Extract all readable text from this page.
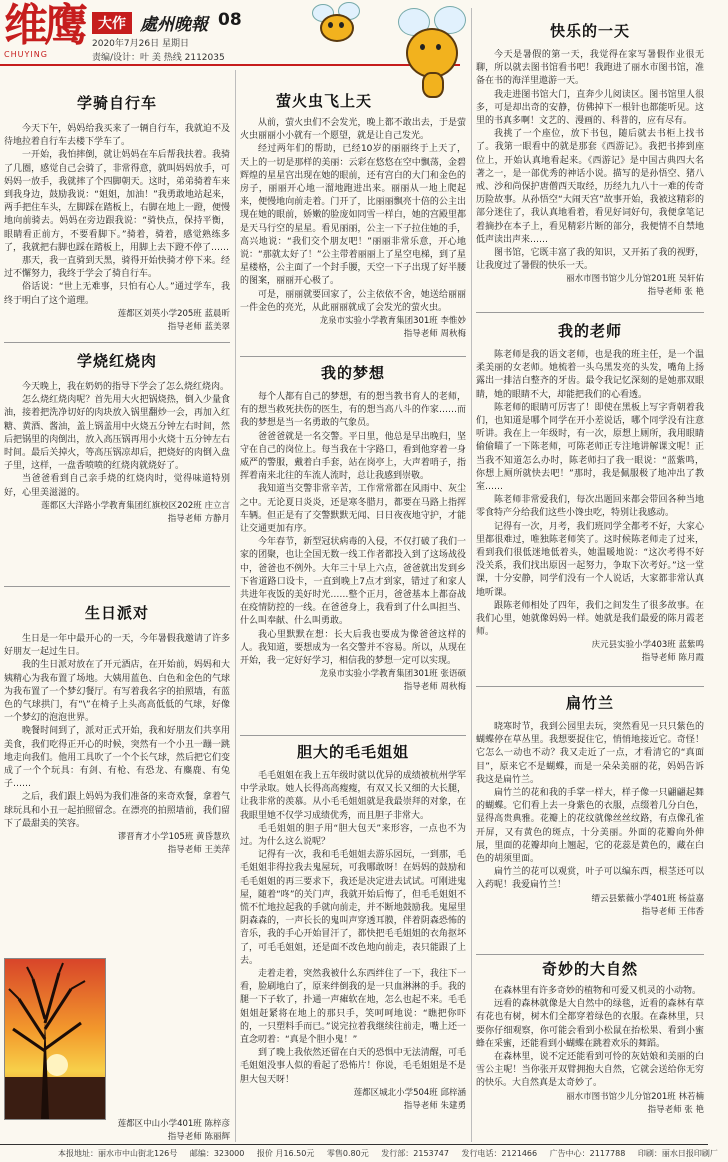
维鹰
CHUYING
大作 處州晚報 08
2020年7月26日 星期日
责编/设计：叶 美 热线 2112035
学骑自行车

今天下午，妈妈给我买来了一辆自行车，我就迫不及待地拉着自行车去楼下学车了。

一开始，我怕摔倒，就让妈妈在车后帮我扶着。我骑了几圈，感觉自己会骑了，非常得意，就叫妈妈放手，可妈妈一放手，我就摔了个四脚朝天。这时，弟弟骑着车来到我身边，鼓励我说：“姐姐，加油！”我勇敢地站起来，两手把住车头，左脚踩在踏板上，右脚在地上一蹬，便慢地向前骑去。妈妈在旁边跟我说：“骑快点，保持平衡，眼睛看正前方，不要看脚下。”骑着，骑着，感觉熟练多了，我就把右脚也踩在踏板上，用脚上去下蹬不停了……

那天，我一直骑到天黑，骑得开始快骑才停下来。经过不懈努力，我终于学会了骑自行车。

俗话说：“世上无难事，只怕有心人。”通过学车，我终于明白了这个道理。

莲都区刘英小学205班 蓝晨昕

指导老师 蓝美翠

学烧红烧肉

今天晚上，我在奶奶的指导下学会了怎么烧红烧肉。

怎么烧红烧肉呢？首先用大火把锅烧热，倒入少量食油，接着把洗净切好的肉块放入锅里翻炒一会，再加入红糖、黄酒、酱油，盖上锅盖用中火烧五分钟左右时间，然后把锅里的肉倒出，放入高压锅再用小火烧十五分钟左右时间。最后关掉火，等高压锅凉却后，把烧好的肉倒入盘子里，这样，一盘香喷喷的红烧肉就烧好了。

当爸爸看到自己亲手烧的红烧肉时，觉得味道特别好，心里美滋滋的。

莲都区大洋路小学教育集团红旗校区202班 庄立言

指导老师 方静月

生日派对

生日是一年中最开心的一天，今年暑假我邀请了许多好朋友一起过生日。

我的生日派对放在了开元酒店，在开始前，妈妈和大姨精心为我布置了场地。大姨用蓝色、白色和金色的气球为我布置了一个梦幻餐厅。有写着我名字的拍照墙，有蓝色的气球拱门，有“\”在椅子上头高高低低的气球，好像一个梦幻的泡泡世界。

晚餐时间到了，派对正式开始，我和好朋友们共享用美食，我们吃得正开心的时候，突然有一个小丑一蹦一跳地走向我们。他用工具吹了一个个长气球，然后把它们变成了一个个玩具：有剑、有枪、有恐龙、有麋鹿、有兔子……

之后，我们跟上妈妈为我们准备的来奇欢餐，拿着气球玩具和小丑一起拍照留念。在漂亮的拍照墙前，我们留下了最甜美的笑容。

谬晋育才小学105班 黄昏慧玖

指导老师 王美萍

莲都区中山小学401班 陈梓彦

指导老师 陈丽辉

萤火虫飞上天

从前，萤火虫们不会发光，晚上都不敢出去，于是萤火虫丽丽小小就有一个愿望，就是让自己发光。

经过两年们的帮助，已经10岁的丽丽终于上天了，天上的一切是那样的美丽：云彩在悠悠在空中飘荡，金碧辉煌的星星宫出现在她的眼前，还有宫白的大门和金色的房子，丽丽开心地一溜地跑进出来。丽丽从一地上爬起来，便慢地向前走着。门开了，比丽丽飘亮十倍的公主出现在她的眼前，娇嫩的脸庞如同雪一样白，她的宫殿里都是天马行空的星星。看见丽丽，公主一下子拉住她的手，高兴地说：“我们交个朋友吧！”丽丽非常乐意，开心地说：“那就太好了！”公主带着丽丽上了星空电梯，到了星星楼格，公主面了一个封手腰，天空一下子出现了好半腰的图案，丽丽开心极了。

可是，丽丽就要回家了，公主依依不舍，她送给丽丽一件金色的亮光，从此丽丽就成了会发光的萤火虫。

龙泉市实验小学教育集团301班 李惟妙

指导老师 周秋梅

我的梦想

每个人都有自己的梦想，有的想当教书育人的老师，有的想当救死扶伤的医生，有的想当高八斗的作家……而我的梦想是当一名勇敢的气象员。

爸爸爸就是一名交警。平日里，他总是早出晚归，坚守在自己的岗位上。每当我在十字路口，看到他穿着一身威严的警服，戴着白手套，站在岗亭上，大声着哨子，指挥着南来北往的车流人流时，总让我感到崇敬。

我知道当交警非常辛苦，工作常常都在风雨中、灰尘之中。无论夏日炎炎，还是寒冬腊月，都要在马路上指挥车辆。但正是有了交警默默无闻、日日夜夜地守护，才能让交通更加有序。

今年春节，新型冠状病毒的入侵，不仅打破了我们一家的团聚，也让全国无数一线工作者都投入到了这场战役中，爸爸也不例外。大年三十早上六点，爸爸就出发到乡下省道路口设卡，一直到晚上7点才到家，错过了和家人共进年夜饭的美好时光……整个正月，爸爸基本上都奋战在疫情防控的一线。在爸爸身上，我看到了什么叫担当、什么叫奉献、什么叫勇敢。

我心里默默在想：长大后我也要成为像爸爸这样的人。我知道，要想成为一名交警并不容易。所以，从现在开始，我一定好好学习，相信我的梦想一定可以实现。

龙泉市实验小学教育集团301班 张语硕

指导老师 周秋梅

胆大的毛毛姐姐

毛毛姐姐在我上五年级时就以优异的成绩被杭州学军中学录取。她人长得高高瘦瘦，有双又长又细的大长腿，让我非常的羡慕。从小毛毛姐姐就是我最崇拜的对象，在我眼里她不仅学习成绩优秀，而且胆子非常大。

毛毛姐姐的胆子用“胆大包天”来形容，一点也不为过。为什么这么说呢？

记得有一次，我和毛毛姐姐去游乐园玩，一到那，毛毛姐姐非得拉我去鬼屋玩，可我哪敢呀！在妈妈的鼓励和毛毛姐姐的再三要求下，我还是决定进去试试。可刚进鬼屋，随着“咚”的关门声，我就开始后悔了，但毛毛姐姐不慌不忙地拉起我的手就向前走，并不断地鼓励我。鬼屋里阴森森的，一声长长的鬼叫声穿透耳膜，伴着阴森恐怖的音乐，我的手心开始冒汗了，都快把毛毛姐姐的衣角抠坏了，可毛毛姐姐，还是面不改色地向前走，表只能跟了上去。

走着走着，突然我被什么东西绊住了一下，我往下一看，脸刷地白了，原来绊倒我的是一只血淋淋的手。我的腿一下子软了，扑通一声瘫软在地，怎么也起不来。毛毛姐姐赶紧将在地上的那只手，笑呵呵地说：“瞧把你吓的，一只塑料手而已。”说完拉着我继续往前走，嘴上还一直念叨着：“真是个胆小鬼！”

到了晚上我依然还留在白天的恐惧中无法清醒，可毛毛姐姐没事人似的看起了恐怖片！你说，毛毛姐姐是不是胆大包天呀！

莲都区城北小学504班 邱梓涵

指导老师 朱建勇

快乐的一天

今天是暑假的第一天，我觉得在家写暑假作业很无聊，所以就去图书馆看书吧！我跑进了丽水市图书馆，准备在书的海洋里遨游一天。

我走进图书馆大门，直奔少儿阅读区。图书馆里人很多，可是却出奇的安静，仿佛掉下一根针也都能听见。这里的书真多啊！文艺的、漫画的、科普的，应有尽有。

我挑了一个座位，放下书包，随后就去书柜上找书了。我第一眼看中的就是那套《西游记》。我把书捧到座位上，开始认真地看起来。《西游记》是中国古典四大名著之一，是一部优秀的神话小说。描写的是孙悟空、猪八戒、沙和尚保护唐僧西天取经，历经九九八十一难的传奇历险故事。从孙悟空“大闹天宫”故事开始，我被这精彩的部分迷住了，我认真地看着，看见好词好句，我便拿笔记着摘抄在本子上，看见精彩片断的部分，我便情不自禁地低声读出声来……

图书馆，它既丰富了我的知识，又开拓了我的视野，让我度过了暑假的快乐一天。

丽水市图书馆少儿分馆201班 吴轩佑

指导老师 张 艳

我的老师

陈老师是我的语文老师，也是我的班主任，是一个温柔美丽的女老师。她梳着一头乌黑发亮的头发，嘴角上扬露出一排洁白整齐的牙齿。最令我记忆深刻的是她那双眼睛，她的眼睛不大，却能把我们的心看透。

陈老师的眼睛可厉害了！即使在黑板上写字背朝着我们，也知道是哪个同学在开小差说话，哪个同学没有注意听讲。我在上一年级时，有一次，原想上厕所，我用眼睛偷偷瞄了一下陈老师，可陈老师正专注地讲解课文呢！正当我不知道怎么办时，陈老师扫了我一眼说：“蓝紫鸣，你想上厕所就快去吧！”那时，我是佩服极了地冲出了教室……

陈老师非常爱我们，每次出题回来都会带回各种当地零食特产分给我们这些小馋虫吃，特别让我感动。

记得有一次，月考，我们班同学全都考不好，大家心里都很难过，唯独陈老师笑了。这时候陈老师走了过来，看到我们很低迷地低着头，她温暖地说：“这次考得不好没关系，我们找出原因一起努力，争取下次考好。”这一堂课，十分安静，同学们没有一个人说话，大家都非常认真地听课。

跟陈老师相处了四年，我们之间发生了很多故事。在我们心里，她就像妈妈一样。她就是我们最爱的陈月霞老师。

庆元县实验小学403班 蓝紫鸣

指导老师 陈月霞

扁竹兰

晓寒时节，我到公园里去玩，突然看见一只只紫色的蝴蝶停在草丛里。我想要捉住它，悄悄地接近它。奇怪！它怎么一动也不动？我又走近了一点，才看清它的“真面目”，原来它不是蝴蝶，而是一朵朵美丽的花，妈妈告诉我这是扁竹兰。

扁竹兰的花和我的手掌一样大，样子像一只翩翩起舞的蝴蝶。它们看上去一身紫色的衣服，点缀着几分白色，显得高贵典雅。花瓣上的花纹就像丝丝纹路，有点像孔雀开屏，又有黄色的斑点，十分美丽。外面的花瓣向外伸展，里面的花瓣却向上翘起，它的花蕊是黄色的，藏在白色的胡须里面。

扁竹兰的花可以观赏，叶子可以编东西，根茎还可以入药呢！我爱扁竹兰！

缙云县紫薇小学401班 杨益嘉

指导老师 王伟香

奇妙的大自然

在森林里有许多奇妙的植物和可爱又机灵的小动物。

远看的森林就像是大自然中的绿毯，近看的森林有草有花也有树，树木们全都穿着绿色的衣服。在森林里，只要你仔细观察，你可能会看到小松鼠在抬松果、看到小蜜蜂在采蜜，还能看到小蝴蝶在跳着欢乐的舞蹈。

在森林里，说不定还能看到可怜的灰姑娘和美丽的白雪公主呢！当你张开双臂拥抱大自然，它就会送给你无穷的快乐。大自然真是太奇妙了。

丽水市图书馆少儿分馆201班 林若楠

指导老师 张 艳

本报地址：丽水市中山街北126号 邮编：323000 报价 月16.50元 零售0.80元 发行部：2153747 发行电话：2121466 广告中心：2117788 印刷：丽水日报印刷厂
